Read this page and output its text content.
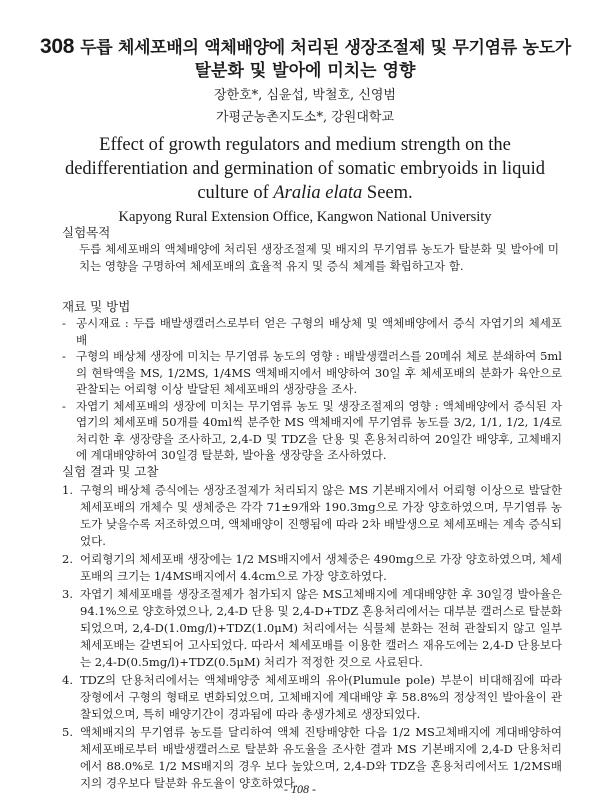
308 두릅 체세포배의 액체배양에 처리된 생장조절제 및 무기염류 농도가
탈분화 및 발아에 미치는 영향
장한호*, 심윤섭, 박철호, 신영범
가평군농촌지도소*, 강원대학교
Effect of growth regulators and medium strength on the
dedifferentiation and germination of somatic embryoids in liquid
culture of Aralia elata Seem.
Kapyong Rural Extension Office, Kangwon National University
실험목적
두릅 체세포배의 액체배양에 처리된 생장조절제 및 배지의 무기염류 농도가 탈분화 및 발아에 미치는 영향을 구명하여 체세포배의 효율적 유지 및 증식 체계를 확립하고자 함.
재료 및 방법
- 공시재료 : 두릅 배발생캘러스로부터 얻은 구형의 배상체 및 액체배양에서 증식 자엽기의 체세포배
- 구형의 배상체 생장에 미치는 무기염류 농도의 영향 : 배발생캘러스를 20메쉬 체로 분쇄하여 5ml의 현탁액을 MS, 1/2MS, 1/4MS 액체배지에서 배양하여 30일 후 체세포배의 분화가 육안으로 관찰되는 어뢰형 이상 발달된 체세포배의 생장량을 조사.
- 자엽기 체세포배의 생장에 미치는 무기염류 농도 및 생장조절제의 영향 : 액체배양에서 증식된 자엽기의 체세포배 50개를 40ml씩 분주한 MS 액체배지에 무기염류 농도를 3/2, 1/1, 1/2, 1/4로 처리한 후 생장량을 조사하고, 2,4-D 및 TDZ을 단용 및 혼용처리하여 20일간 배양후, 고체배지에 계대배양하여 30일경 탈분화, 발아율 생장량을 조사하였다.
실험 결과 및 고찰
1. 구형의 배상체 증식에는 생장조절제가 처리되지 않은 MS 기본배지에서 어뢰형 이상으로 발달한 체세포배의 개체수 및 생체중은 각각 71±9개와 190.3mg으로 가장 양호하였으며, 무기염류 농도가 낮을수록 저조하였으며, 액체배양이 진행됨에 따라 2차 배발생으로 체세포배는 계속 증식되었다.
2. 어뢰형기의 체세포배 생장에는 1/2 MS배지에서 생체중은 490mg으로 가장 양호하였으며, 체세포배의 크기는 1/4MS배지에서 4.4cm으로 가장 양호하였다.
3. 자엽기 체세포배를 생장조절제가 첨가되지 않은 MS고체배지에 계대배양한 후 30일경 발아율은 94.1%으로 양호하였으나, 2,4-D 단용 및 2,4-D+TDZ 혼용처리에서는 대부분 캘러스로 탈분화되었으며, 2,4-D(1.0mg/l)+TDZ(1.0μM) 처리에서는 식물체 분화는 전혀 관찰되지 않고 일부 체세포배는 갈변되어 고사되었다. 따라서 체세포배를 이용한 캘러스 재유도에는 2,4-D 단용보다는 2,4-D(0.5mg/l)+TDZ(0.5μM) 처리가 적정한 것으로 사료된다.
4. TDZ의 단용처리에서는 액체배양중 체세포배의 유아(Plumule pole) 부분이 비대해짐에 따라 장형에서 구형의 형태로 변화되었으며, 고체배지에 계대배양 후 58.8%의 정상적인 발아율이 관찰되었으며, 특히 배양기간이 경과됨에 따라 총생가체로 생장되었다.
5. 액체배지의 무기염류 농도를 달리하여 액체 진탕배양한 다음 1/2 MS고체배지에 계대배양하여 체세포배로부터 배발생캘러스로 탈분화 유도율을 조사한 결과 MS 기본배지에 2,4-D 단용처리에서 88.0%로 1/2 MS배지의 경우 보다 높았으며, 2,4-D와 TDZ을 혼용처리에서도 1/2MS배지의 경우보다 탈분화 유도율이 양호하였다.
- 108 -
